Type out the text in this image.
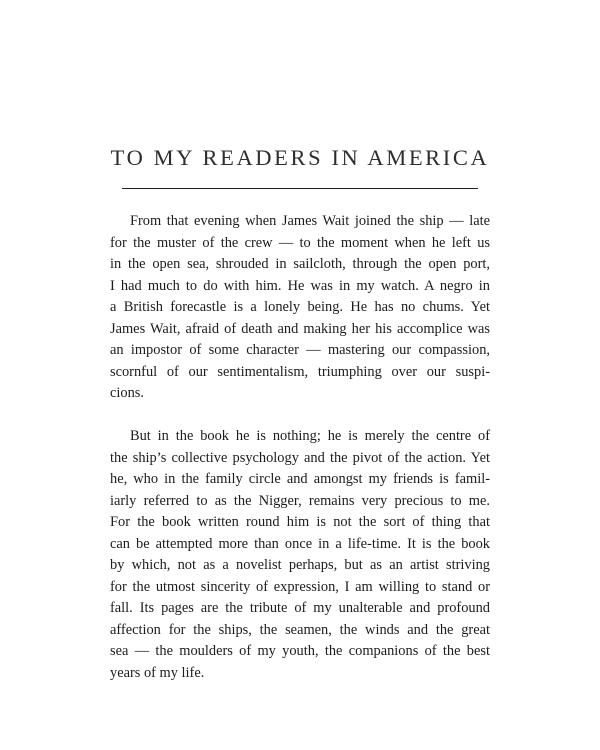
TO MY READERS IN AMERICA

From that evening when James Wait joined the ship — late
for the muster of the crew — to the moment when he left us
in the open sea, shrouded in sailcloth, through the open port,
I had much to do with him. He was in my watch. A negro in
a British forecastle is a lonely being. He has no chums. Yet
James Wait, afraid of death and making her his accomplice was
an impostor of some character — mastering our compassion,
scornful of our sentimentalism, triumphing over our suspi-
cions.

But in the book he is nothing; he is merely the centre of
the ship’s collective psychology and the pivot of the action. Yet
he, who in the family circle and amongst my friends is famil-
iarly referred to as the Nigger, remains very precious to me.
For the book written round him is not the sort of thing that
can be attempted more than once in a life-time. It is the book
by which, not as a novelist perhaps, but as an artist striving
for the utmost sincerity of expression, I am willing to stand or
fall. Its pages are the tribute of my unalterable and profound
affection for the ships, the seamen, the winds and the great
sea — the moulders of my youth, the companions of the best
years of my life.
